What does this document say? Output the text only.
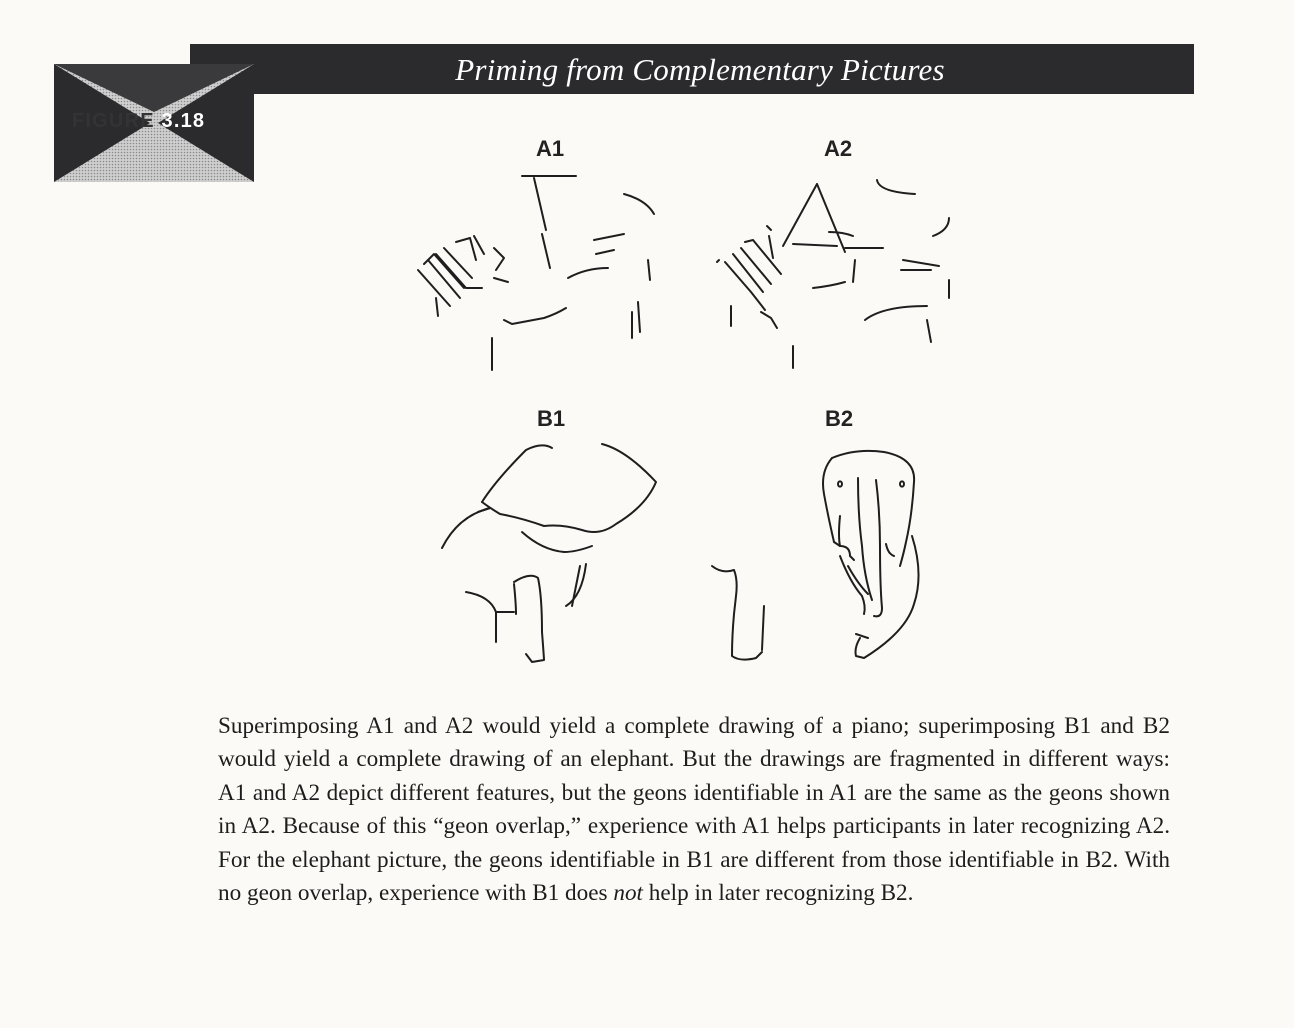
Priming from Complementary Pictures
FIGURE 3.18
A1	A2
B1	B2
Superimposing A1 and A2 would yield a complete drawing of a piano; superimposing B1 and B2 would yield a complete drawing of an elephant. But the drawings are fragmented in different ways: A1 and A2 depict different features, but the geons identifiable in A1 are the same as the geons shown in A2. Because of this “geon overlap,” experience with A1 helps participants in later recognizing A2. For the elephant picture, the geons identifiable in B1 are different from those identifiable in B2. With no geon overlap, experience with B1 does not help in later recognizing B2.
